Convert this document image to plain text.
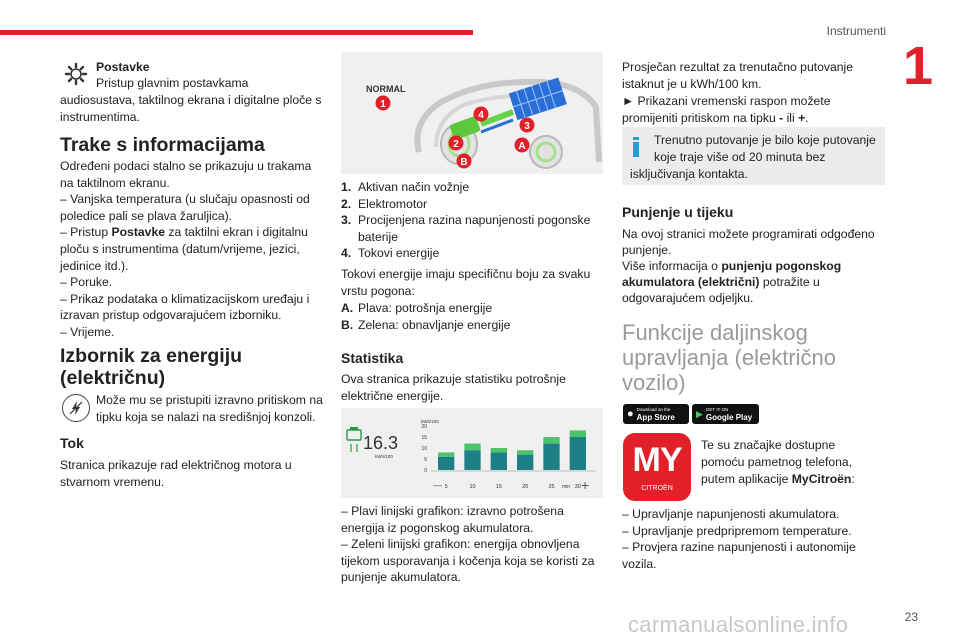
Instrumenti
1
Postavke
Pristup glavnim postavkama
audiosustava, taktilnog ekrana i digitalne ploče s
instrumentima.
Trake s informacijama
Određeni podaci stalno se prikazuju u trakama
na taktilnom ekranu.
– Vanjska temperatura (u slučaju opasnosti od
poledice pali se plava žaruljica).
– Pristup Postavke za taktilni ekran i digitalnu
ploču s instrumentima (datum/vrijeme, jezici,
jedinice itd.).
– Poruke.
– Prikaz podataka o klimatizacijskom uređaju i
izravan pristup odgovarajućem izborniku.
– Vrijeme.
Izbornik za energiju
(električnu)
Može mu se pristupiti izravno pritiskom na
tipku koja se nalazi na središnjoj konzoli.
Tok
Stranica prikazuje rad električnog motora u
stvarnom vremenu.
NORMAL
1
4
3
2	A
B
1. Aktivan način vožnje
2. Elektromotor
3. Procijenjena razina napunjenosti pogonske
baterije
4. Tokovi energije
Tokovi energije imaju specifičnu boju za svaku
vrstu pogona:
A. Plava: potrošnja energije
B. Zelena: obnavljanje energije
Statistika
Ova stranica prikazuje statistiku potrošnje
električne energije.
16.3
kWh/100
kWh/100
20
15
10
5
0
— 5	10	15	20	25	30
min +
– Plavi linijski grafikon: izravno potrošena
energija iz pogonskog akumulatora.
– Zeleni linijski grafikon: energija obnovljena
tijekom usporavanja i kočenja koja se koristi za
punjenje akumulatora.
Prosječan rezultat za trenutačno putovanje
istaknut je u kWh/100 km.
► Prikazani vremenski raspon možete
promijeniti pritiskom na tipku - ili +.
Trenutno putovanje je bilo koje putovanje
koje traje više od 20 minuta bez
isključivanja kontakta.
Punjenje u tijeku
Na ovoj stranici možete programirati odgođeno
punjenje.
Više informacija o punjenju pogonskog
akumulatora (električni) potražite u
odgovarajućem odjeljku.
Funkcije daljinskog
upravljanja (električno
vozilo)
● Download on the
App Store ▶ GET IT ON
Google Play
MY
CITROËN
Te su značajke dostupne
pomoću pametnog telefona,
putem aplikacije MyCitroën:
– Upravljanje napunjenosti akumulatora.
– Upravljanje predpripremom temperature.
– Provjera razine napunjenosti i autonomije
vozila.
carmanualsonline.info	23
